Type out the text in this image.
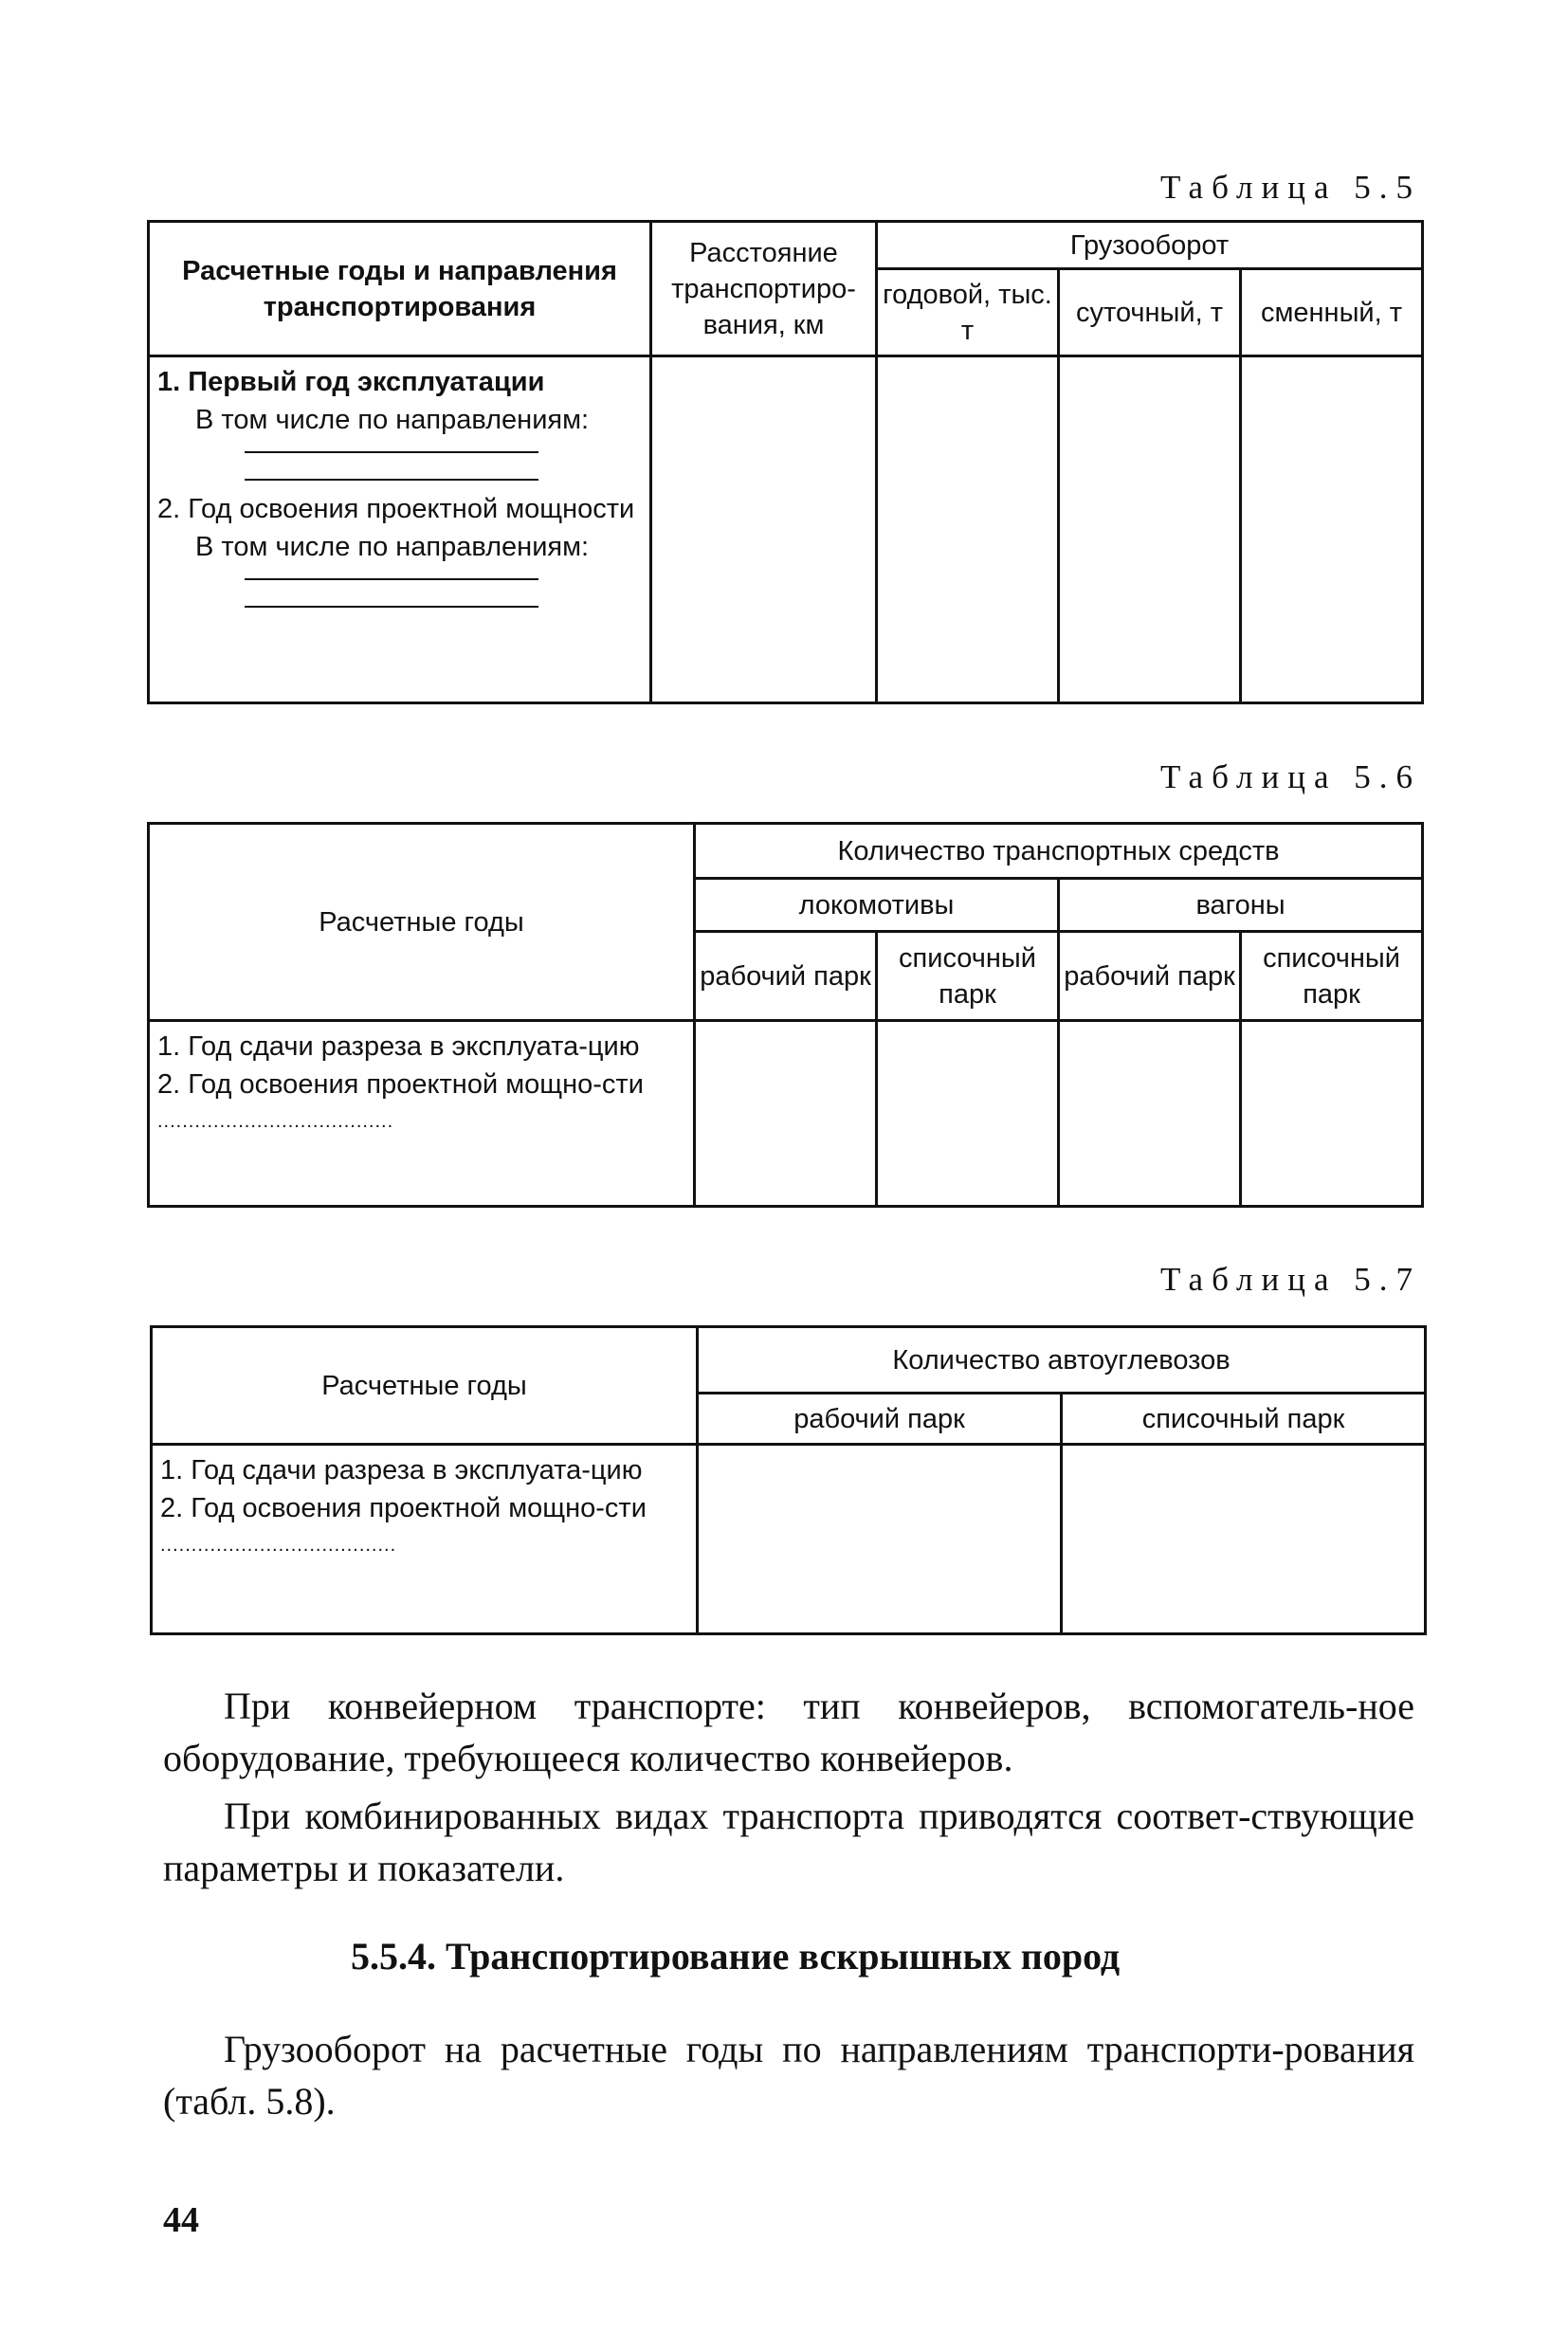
Таблица 5.5
Расчетные годы и направления транспортирования	Расстояние транспортиро-вания, км	Грузооборот		
		годовой, тыс. т	суточный, т	сменный, т

1. Первый год эксплуатации
В том числе по направлениям:
2. Год освоения проектной мощности
В том числе по направлениям:				

Таблица 5.6
Расчетные годы	Количество транспортных средств			
	локомотивы		вагоны	
	рабочий парк	списочный парк	рабочий парк	списочный парк

1. Год сдачи разреза в эксплуата-цию
2. Год освоения проектной мощно-сти
......................................				

Таблица 5.7
Расчетные годы	Количество автоуглевозов	
	рабочий парк	списочный парк

1. Год сдачи разреза в эксплуата-цию
2. Год освоения проектной мощно-сти
......................................		

При конвейерном транспорте: тип конвейеров, вспомогатель-ное оборудование, требующееся количество конвейеров.

При комбинированных видах транспорта приводятся соответ-ствующие параметры и показатели.

5.5.4. Транспортирование вскрышных пород

Грузооборот на расчетные годы по направлениям транспорти-рования (табл. 5.8).

44
